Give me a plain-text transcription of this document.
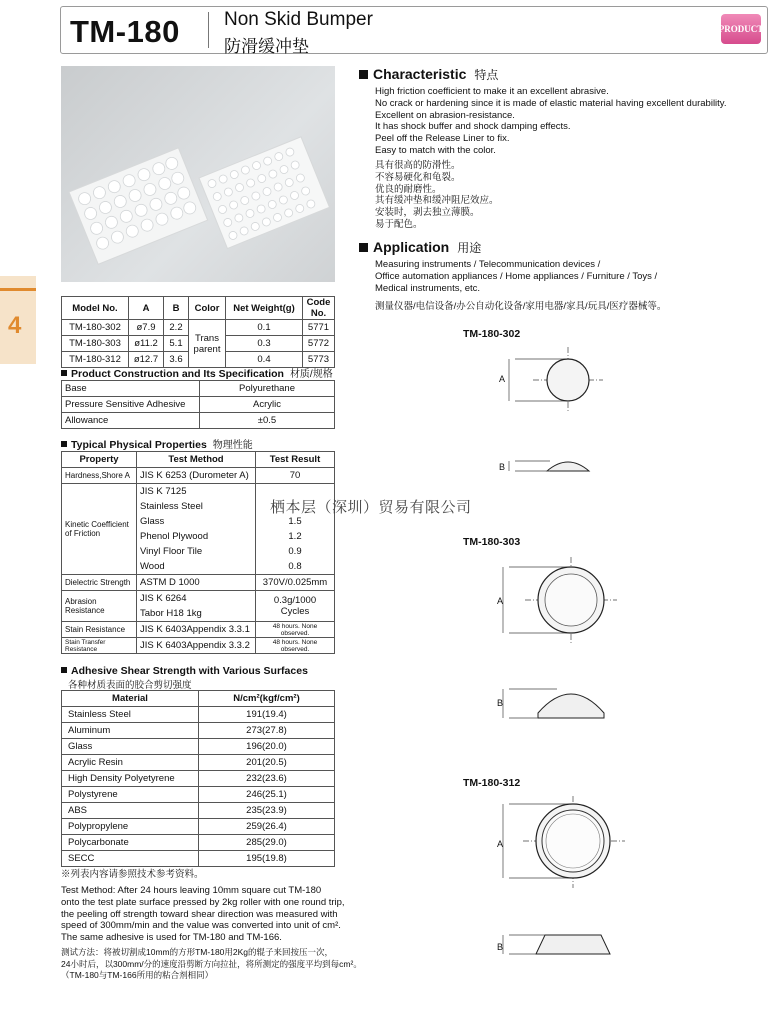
TM-180 Non Skid Bumper
防滑缓冲垫
PRODUCT
4
Model No.	A	B	Color	Net Weight(g)	Code No.
TM-180-302	ø7.9	2.2	Trans parent	0.1	5771
TM-180-303	ø11.2	5.1		0.3	5772
TM-180-312	ø12.7	3.6		0.4	5773
Product Construction and Its Specification 材质/规格
Base	Polyurethane
Pressure Sensitive Adhesive	Acrylic
Allowance	±0.5
Typical Physical Properties 物理性能
Property	Test Method	Test Result
Hardness,Shore A	JIS K 6253 (Durometer A)	70
Kinetic Coefficient of Friction	JIS K 7125	
	Stainless Steel	
	Glass	1.5
	Phenol Plywood	1.2
	Vinyl Floor Tile	0.9
	Wood	0.8
Dielectric Strength	ASTM D 1000	370V/0.025mm
Abrasion Resistance	JIS K 6264
Tabor H18 1kg	0.3g/1000 Cycles
Stain Resistance	JIS K 6403Appendix 3.3.1	48 hours. None observed.
Stain Transfer Resistance	JIS K 6403Appendix 3.3.2	48 hours. None observed.
Adhesive Shear Strength with Various Surfaces
各种材质表面的胶合剪切强度
Material	N/cm²(kgf/cm²)
Stainless Steel	191(19.4)
Aluminum	273(27.8)
Glass	196(20.0)
Acrylic Resin	201(20.5)
High Density Polyetyrene	232(23.6)
Polystyrene	246(25.1)
ABS	235(23.9)
Polypropylene	259(26.4)
Polycarbonate	285(29.0)
SECC	195(19.8)
※列表内容请参照技术参考资料。
Test Method: After 24 hours leaving 10mm square cut TM-180
onto the test plate surface pressed by 2kg roller with one round trip,
the peeling off strength toward shear direction was measured with
speed of 300mm/min and the value was converted into unit of cm².
The same adhesive is used for TM-180 and TM-166.
测试方法：将被切割成10mm的方形TM-180用2Kg的辊子来回按压一次，
24小时后，以300mm/分的速度沿剪断方向拉扯，将所测定的强度平均到每cm²。
（TM-180与TM-166所用的粘合剂相同）
Characteristic 特点
High friction coefficient to make it an excellent abrasive.
No crack or hardening since it is made of elastic material having excellent durability.
Excellent on abrasion-resistance.
It has shock buffer and shock damping effects.
Peel off the Release Liner to fix.
Easy to match with the color.
具有很高的防滑性。
不容易硬化和龟裂。
优良的耐磨性。
其有缓冲垫和缓冲阻尼效应。
安装时，剥去独立薄膜。
易于配色。
Application 用途
Measuring instruments / Telecommunication devices /
Office automation appliances / Home appliances / Furniture / Toys /
Medical instruments, etc.
测量仪器/电信设备/办公自动化设备/家用电器/家具/玩具/医疗器械等。
TM-180-302
A
B
栖本层（深圳）贸易有限公司
TM-180-303
A
B
TM-180-312
A
B
